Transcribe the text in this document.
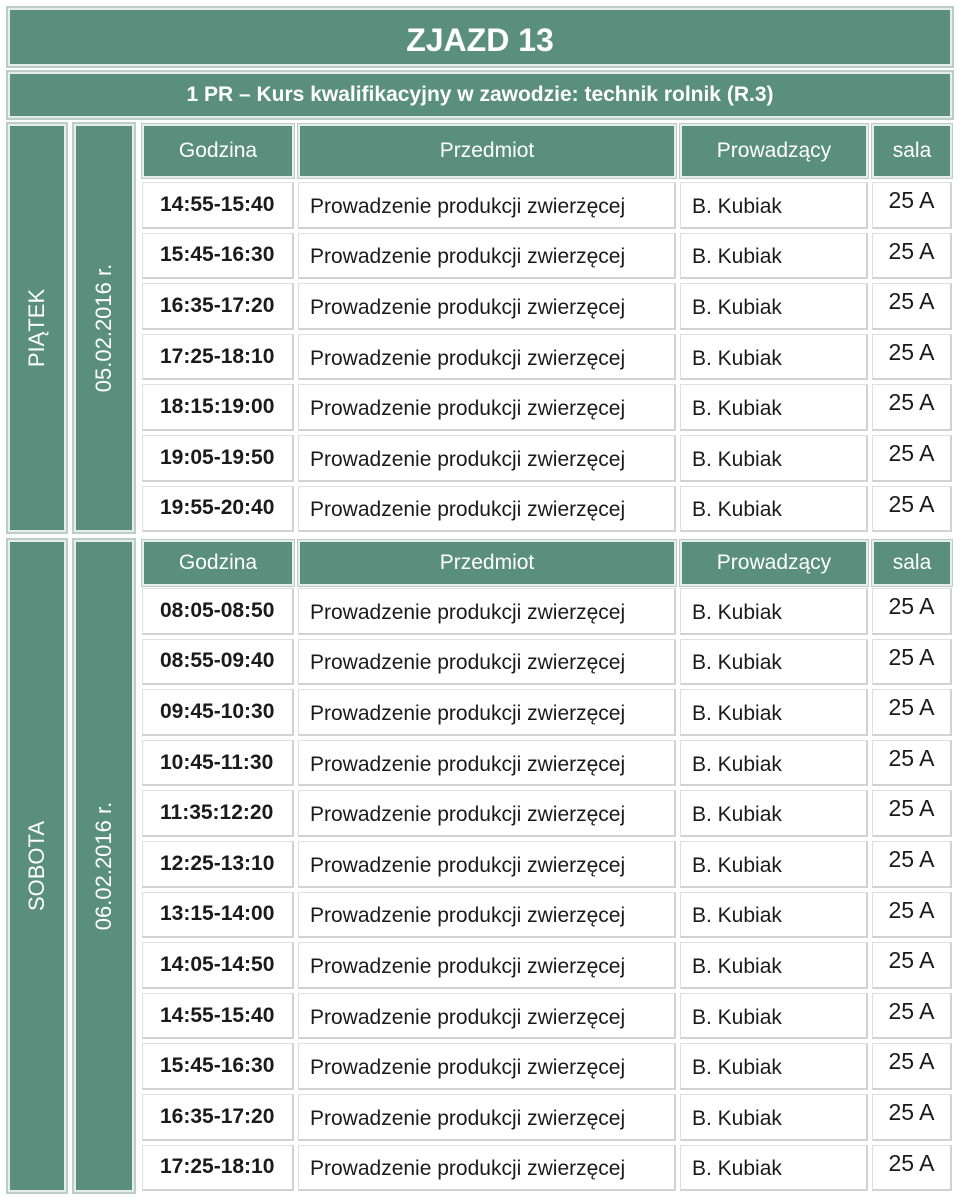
ZJAZD 13
1 PR – Kurs kwalifikacyjny w zawodzie: technik rolnik (R.3)
PIĄTEK 05.02.2016 r.
SOBOTA 06.02.2016 r.
Godzina	Przedmiot	Prowadzący	sala
14:55-15:40	Prowadzenie produkcji zwierzęcej	B. Kubiak	25 A
15:45-16:30	Prowadzenie produkcji zwierzęcej	B. Kubiak	25 A
16:35-17:20	Prowadzenie produkcji zwierzęcej	B. Kubiak	25 A
17:25-18:10	Prowadzenie produkcji zwierzęcej	B. Kubiak	25 A
18:15:19:00	Prowadzenie produkcji zwierzęcej	B. Kubiak	25 A
19:05-19:50	Prowadzenie produkcji zwierzęcej	B. Kubiak	25 A
19:55-20:40	Prowadzenie produkcji zwierzęcej	B. Kubiak	25 A
Godzina	Przedmiot	Prowadzący	sala
08:05-08:50	Prowadzenie produkcji zwierzęcej	B. Kubiak	25 A
08:55-09:40	Prowadzenie produkcji zwierzęcej	B. Kubiak	25 A
09:45-10:30	Prowadzenie produkcji zwierzęcej	B. Kubiak	25 A
10:45-11:30	Prowadzenie produkcji zwierzęcej	B. Kubiak	25 A
11:35:12:20	Prowadzenie produkcji zwierzęcej	B. Kubiak	25 A
12:25-13:10	Prowadzenie produkcji zwierzęcej	B. Kubiak	25 A
13:15-14:00	Prowadzenie produkcji zwierzęcej	B. Kubiak	25 A
14:05-14:50	Prowadzenie produkcji zwierzęcej	B. Kubiak	25 A
14:55-15:40	Prowadzenie produkcji zwierzęcej	B. Kubiak	25 A
15:45-16:30	Prowadzenie produkcji zwierzęcej	B. Kubiak	25 A
16:35-17:20	Prowadzenie produkcji zwierzęcej	B. Kubiak	25 A
17:25-18:10	Prowadzenie produkcji zwierzęcej	B. Kubiak	25 A
